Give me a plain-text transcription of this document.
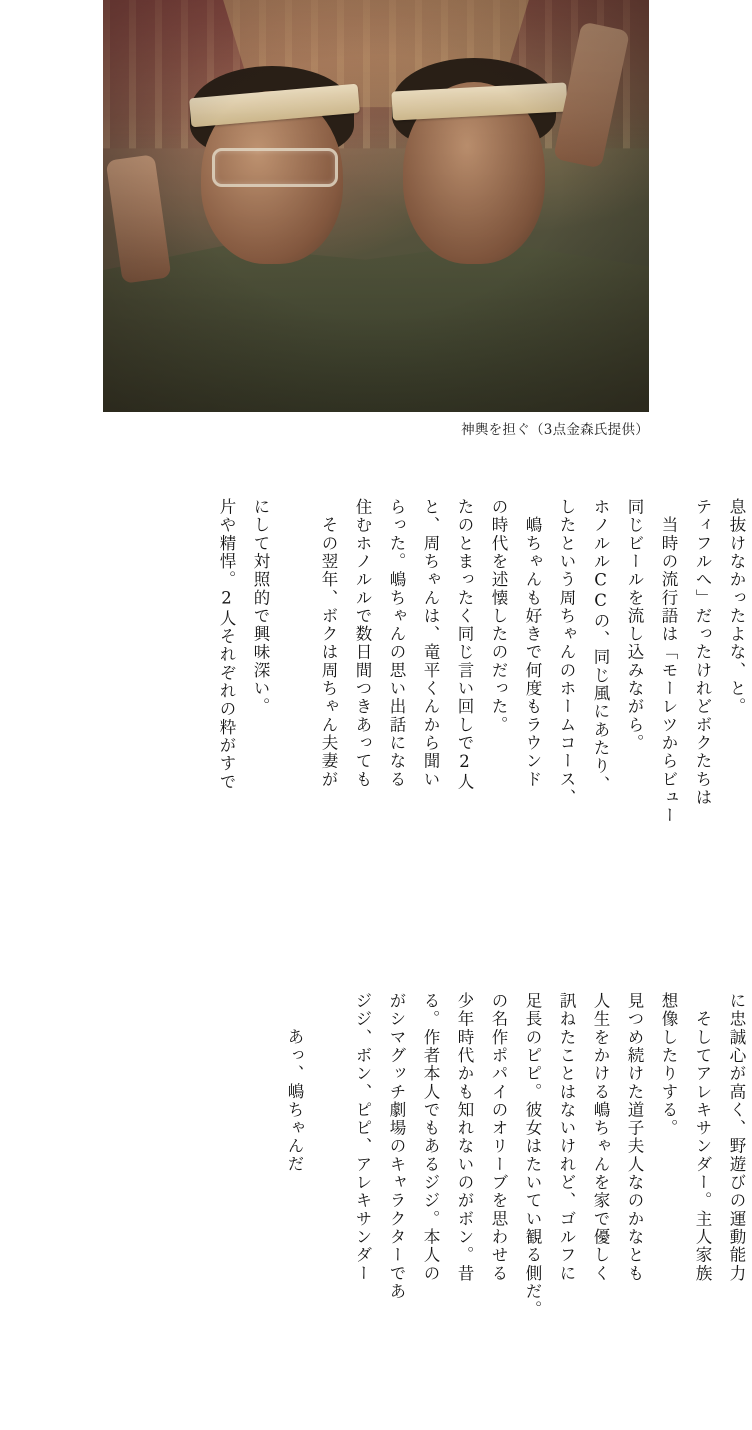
神輿を担ぐ（3点金森氏提供）
片や精悍。2人それぞれの粋がすで にして対照的で興味深い。	　その翌年、ボクは周ちゃん夫妻が 住むホノルルで数日間つきあっても らった。嶋ちゃんの思い出話になる と、周ちゃんは、竜平くんから聞い たのとまったく同じ言い回しで2人 の時代を述懐したのだった。 　嶋ちゃんも好きで何度もラウンド したという周ちゃんのホームコース、 ホノルルCCの、同じ風にあたり、 同じビールを流し込みながら。 　当時の流行語は「モーレツからビュー ティフルへ」だったけれどボクたちは 息抜けなかったよな、と。
　あっ、嶋ちゃんだ	ジジ、ボン、ピピ、アレキサンダー がシマグッチ劇場のキャラクターであ る。作者本人でもあるジジ。本人の 少年時代かも知れないのがボン。昔 の名作ポパイのオリーブを思わせる 足長のピピ。彼女はたいてい観る側だ。 訊ねたことはないけれど、ゴルフに 人生をかける嶋ちゃんを家で優しく 見つめ続けた道子夫人なのかなとも 想像したりする。 　そしてアレキサンダー。主人家族 に忠誠心が高く、野遊びの運動能力
